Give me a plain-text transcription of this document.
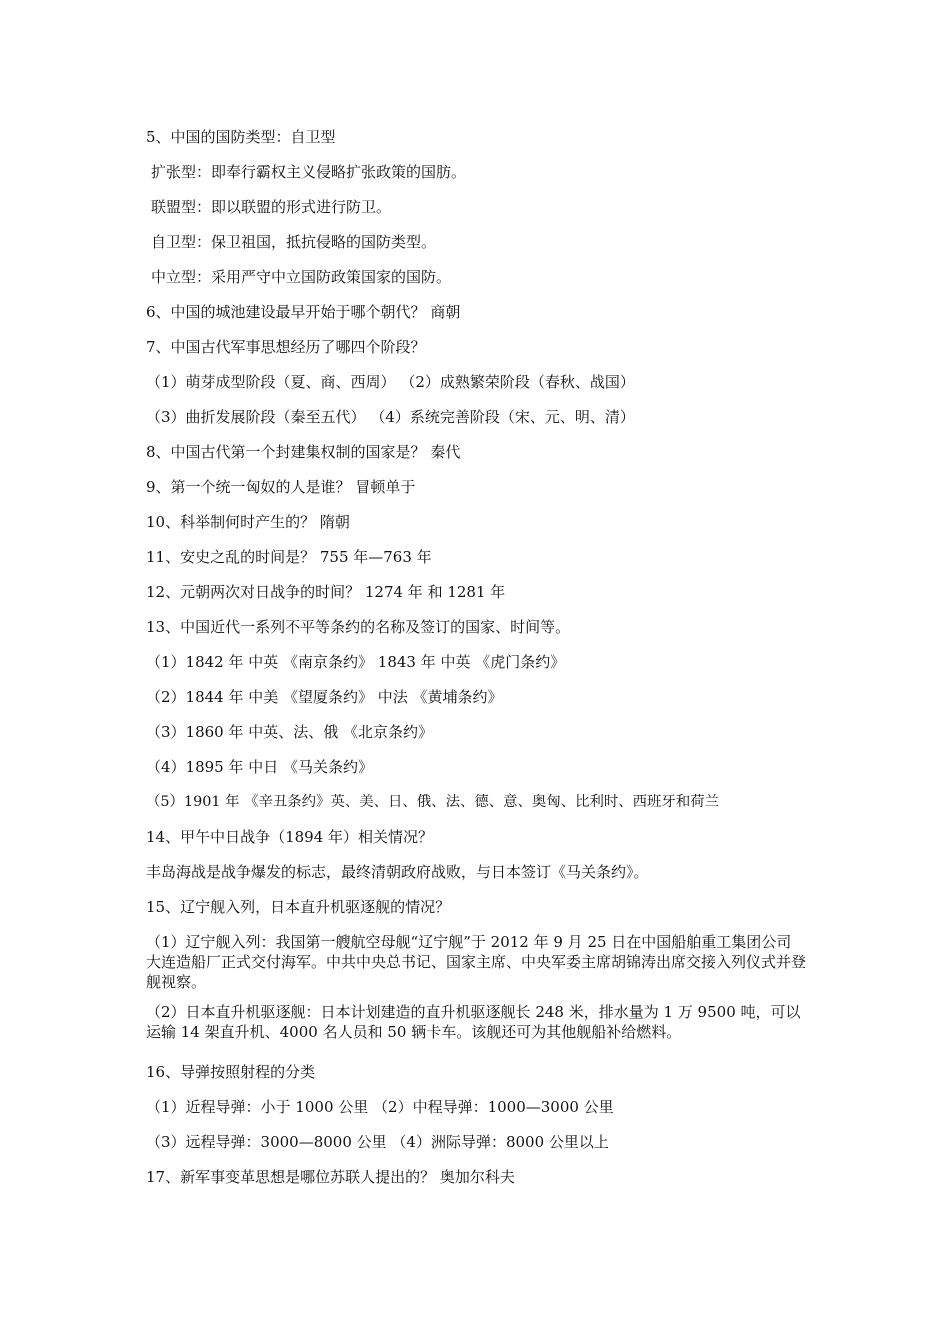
5、中国的国防类型：自卫型
扩张型：即奉行霸权主义侵略扩张政策的国肪。
联盟型：即以联盟的形式进行防卫。
自卫型：保卫祖国，抵抗侵略的国防类型。
中立型：采用严守中立国防政策国家的国防。
6、中国的城池建设最早开始于哪个朝代？ 商朝
7、中国古代军事思想经历了哪四个阶段？
（1）萌芽成型阶段（夏、商、西周） （2）成熟繁荣阶段（春秋、战国）
（3）曲折发展阶段（秦至五代） （4）系统完善阶段（宋、元、明、清）
8、中国古代第一个封建集权制的国家是？ 秦代
9、第一个统一匈奴的人是谁？ 冒顿单于
10、科举制何时产生的？ 隋朝
11、安史之乱的时间是？ 755 年—763 年
12、元朝两次对日战争的时间？ 1274 年 和 1281 年
13、中国近代一系列不平等条约的名称及签订的国家、时间等。
（1）1842 年 中英 《南京条约》 1843 年 中英 《虎门条约》
（2）1844 年 中美 《望厦条约》 中法 《黄埔条约》
（3）1860 年 中英、法、俄 《北京条约》
（4）1895 年 中日 《马关条约》
（5）1901 年 《辛丑条约》英、美、日、俄、法、德、意、奥匈、比利时、西班牙和荷兰
14、甲午中日战争（1894 年）相关情况？
丰岛海战是战争爆发的标志，最终清朝政府战败，与日本签订《马关条约》。
15、辽宁舰入列，日本直升机驱逐舰的情况？
（1）辽宁舰入列：我国第一艘航空母舰“辽宁舰”于 2012 年 9 月 25 日在中国船舶重工集团公司大连造船厂正式交付海军。中共中央总书记、国家主席、中央军委主席胡锦涛出席交接入列仪式并登舰视察。
（2）日本直升机驱逐舰：日本计划建造的直升机驱逐舰长 248 米，排水量为 1 万 9500 吨，可以运输 14 架直升机、4000 名人员和 50 辆卡车。该舰还可为其他舰船补给燃料。
16、导弹按照射程的分类
（1）近程导弹：小于 1000 公里 （2）中程导弹：1000—3000 公里
（3）远程导弹：3000—8000 公里 （4）洲际导弹：8000 公里以上
17、新军事变革思想是哪位苏联人提出的？ 奥加尔科夫
